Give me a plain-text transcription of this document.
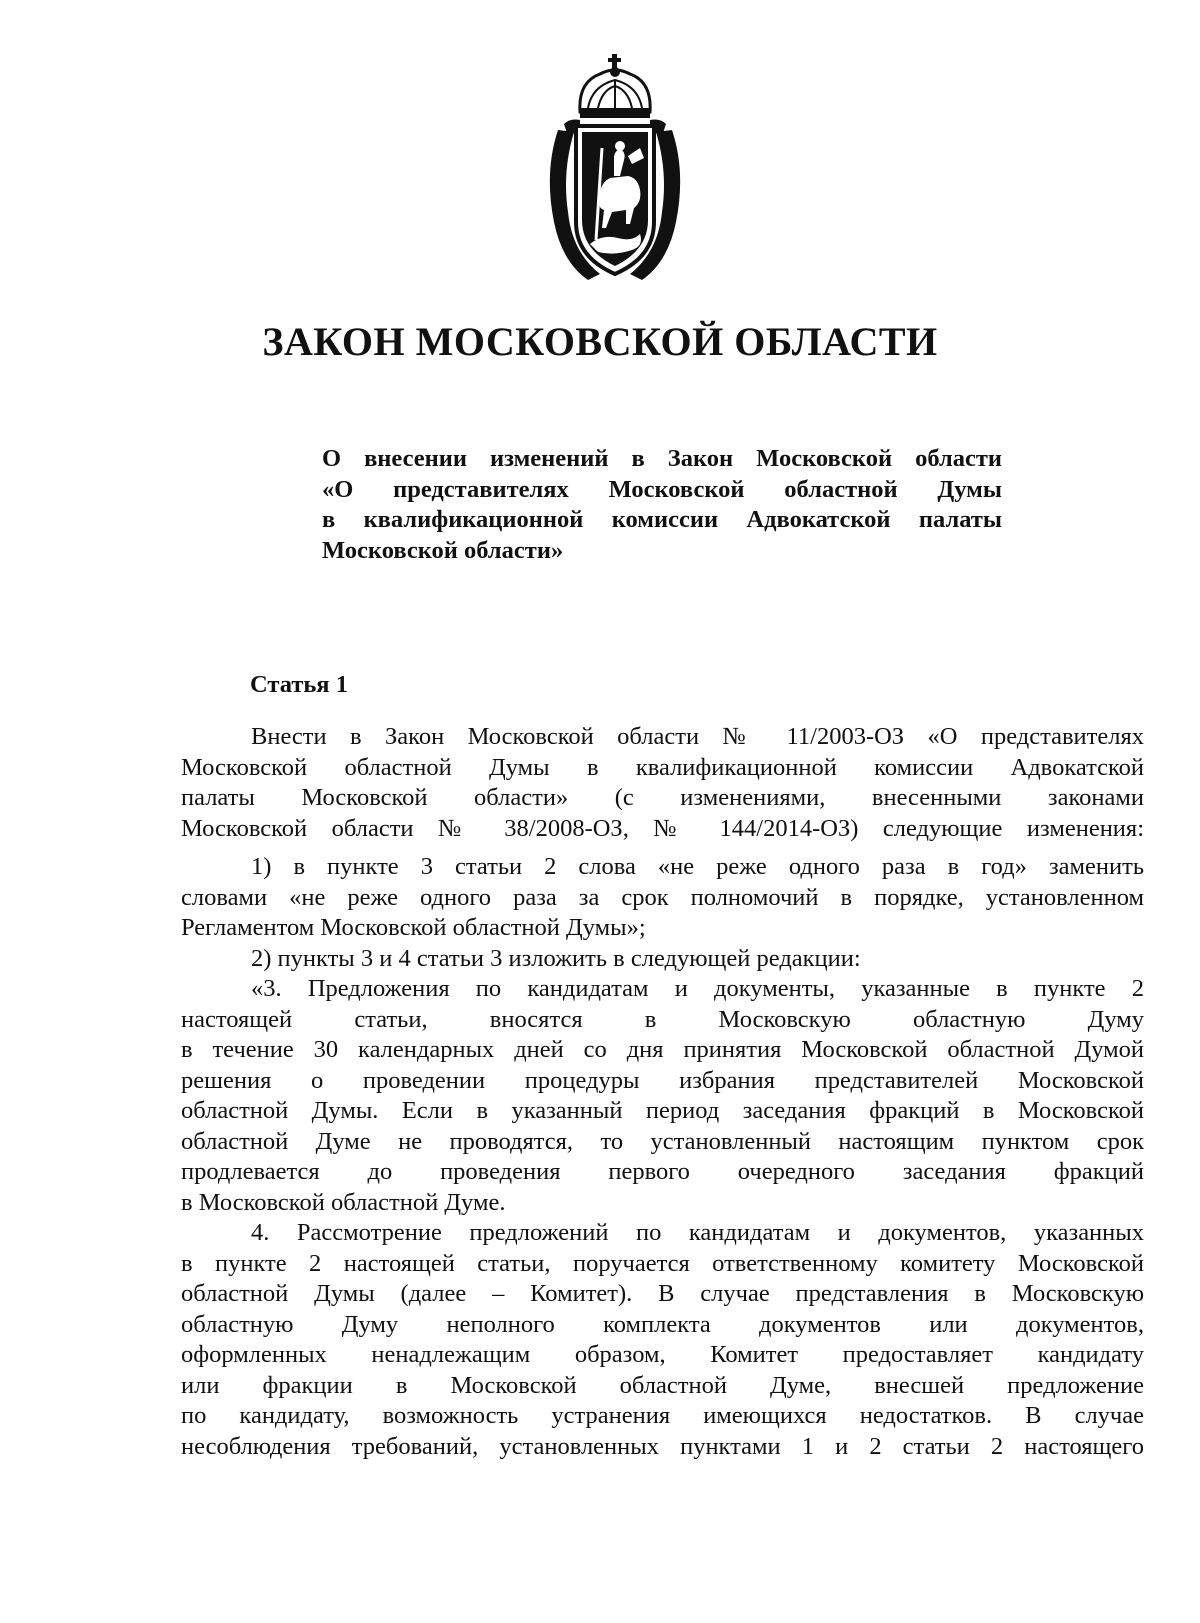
ЗАКОН МОСКОВСКОЙ ОБЛАСТИ
О внесении изменений в Закон Московской области
«О представителях Московской областной Думы
в квалификационной комиссии Адвокатской палаты
Московской области»
Статья 1
Внести в Закон Московской области № 11/2003-ОЗ «О представителях
Московской областной Думы в квалификационной комиссии Адвокатской
палаты Московской области» (с изменениями, внесенными законами
Московской области № 38/2008-ОЗ, № 144/2014-ОЗ) следующие изменения:
1) в пункте 3 статьи 2 слова «не реже одного раза в год» заменить
словами «не реже одного раза за срок полномочий в порядке, установленном
Регламентом Московской областной Думы»;
2) пункты 3 и 4 статьи 3 изложить в следующей редакции:
«3. Предложения по кандидатам и документы, указанные в пункте 2
настоящей статьи, вносятся в Московскую областную Думу
в течение 30 календарных дней со дня принятия Московской областной Думой
решения о проведении процедуры избрания представителей Московской
областной Думы. Если в указанный период заседания фракций в Московской
областной Думе не проводятся, то установленный настоящим пунктом срок
продлевается до проведения первого очередного заседания фракций
в Московской областной Думе.
4. Рассмотрение предложений по кандидатам и документов, указанных
в пункте 2 настоящей статьи, поручается ответственному комитету Московской
областной Думы (далее – Комитет). В случае представления в Московскую
областную Думу неполного комплекта документов или документов,
оформленных ненадлежащим образом, Комитет предоставляет кандидату
или фракции в Московской областной Думе, внесшей предложение
по кандидату, возможность устранения имеющихся недостатков. В случае
несоблюдения требований, установленных пунктами 1 и 2 статьи 2 настоящего
